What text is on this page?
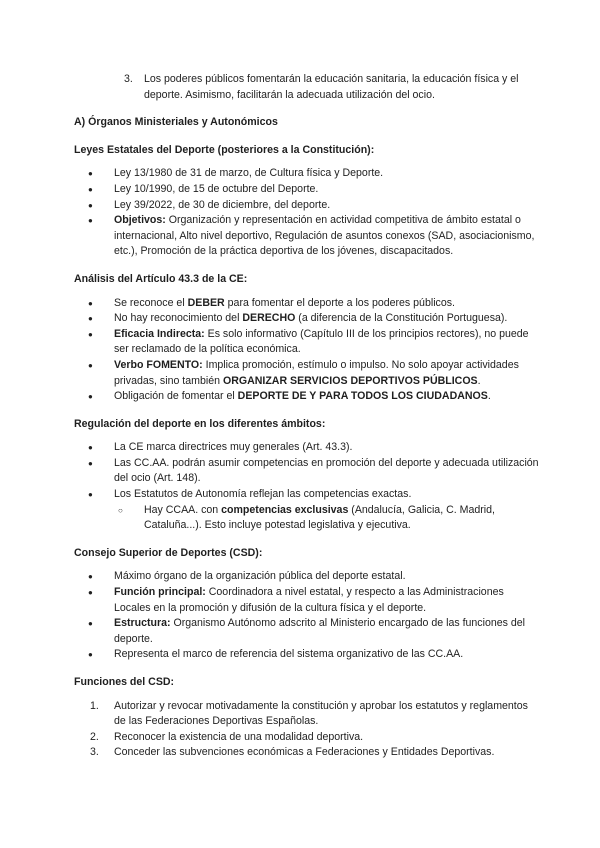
3. Los poderes públicos fomentarán la educación sanitaria, la educación física y el deporte. Asimismo, facilitarán la adecuada utilización del ocio.
A) Órganos Ministeriales y Autonómicos
Leyes Estatales del Deporte (posteriores a la Constitución):
●	Ley 13/1980 de 31 de marzo, de Cultura física y Deporte.
●	Ley 10/1990, de 15 de octubre del Deporte.
●	Ley 39/2022, de 30 de diciembre, del deporte.
●	Objetivos: Organización y representación en actividad competitiva de ámbito estatal o internacional, Alto nivel deportivo, Regulación de asuntos conexos (SAD, asociacionismo, etc.), Promoción de la práctica deportiva de los jóvenes, discapacitados.
Análisis del Artículo 43.3 de la CE:
●	Se reconoce el DEBER para fomentar el deporte a los poderes públicos.
●	No hay reconocimiento del DERECHO (a diferencia de la Constitución Portuguesa).
●	Eficacia Indirecta: Es solo informativo (Capítulo III de los principios rectores), no puede ser reclamado de la política económica.
●	Verbo FOMENTO: Implica promoción, estímulo o impulso. No solo apoyar actividades privadas, sino también ORGANIZAR SERVICIOS DEPORTIVOS PÚBLICOS.
●	Obligación de fomentar el DEPORTE DE Y PARA TODOS LOS CIUDADANOS.
Regulación del deporte en los diferentes ámbitos:
●	La CE marca directrices muy generales (Art. 43.3).
●	Las CC.AA. podrán asumir competencias en promoción del deporte y adecuada utilización del ocio (Art. 148).
●	Los Estatutos de Autonomía reflejan las competencias exactas.
○	Hay CCAA. con competencias exclusivas (Andalucía, Galicia, C. Madrid, Cataluña...). Esto incluye potestad legislativa y ejecutiva.
Consejo Superior de Deportes (CSD):
●	Máximo órgano de la organización pública del deporte estatal.
●	Función principal: Coordinadora a nivel estatal, y respecto a las Administraciones Locales en la promoción y difusión de la cultura física y el deporte.
●	Estructura: Organismo Autónomo adscrito al Ministerio encargado de las funciones del deporte.
●	Representa el marco de referencia del sistema organizativo de las CC.AA.
Funciones del CSD:
1. Autorizar y revocar motivadamente la constitución y aprobar los estatutos y reglamentos de las Federaciones Deportivas Españolas.
2. Reconocer la existencia de una modalidad deportiva.
3. Conceder las subvenciones económicas a Federaciones y Entidades Deportivas.
